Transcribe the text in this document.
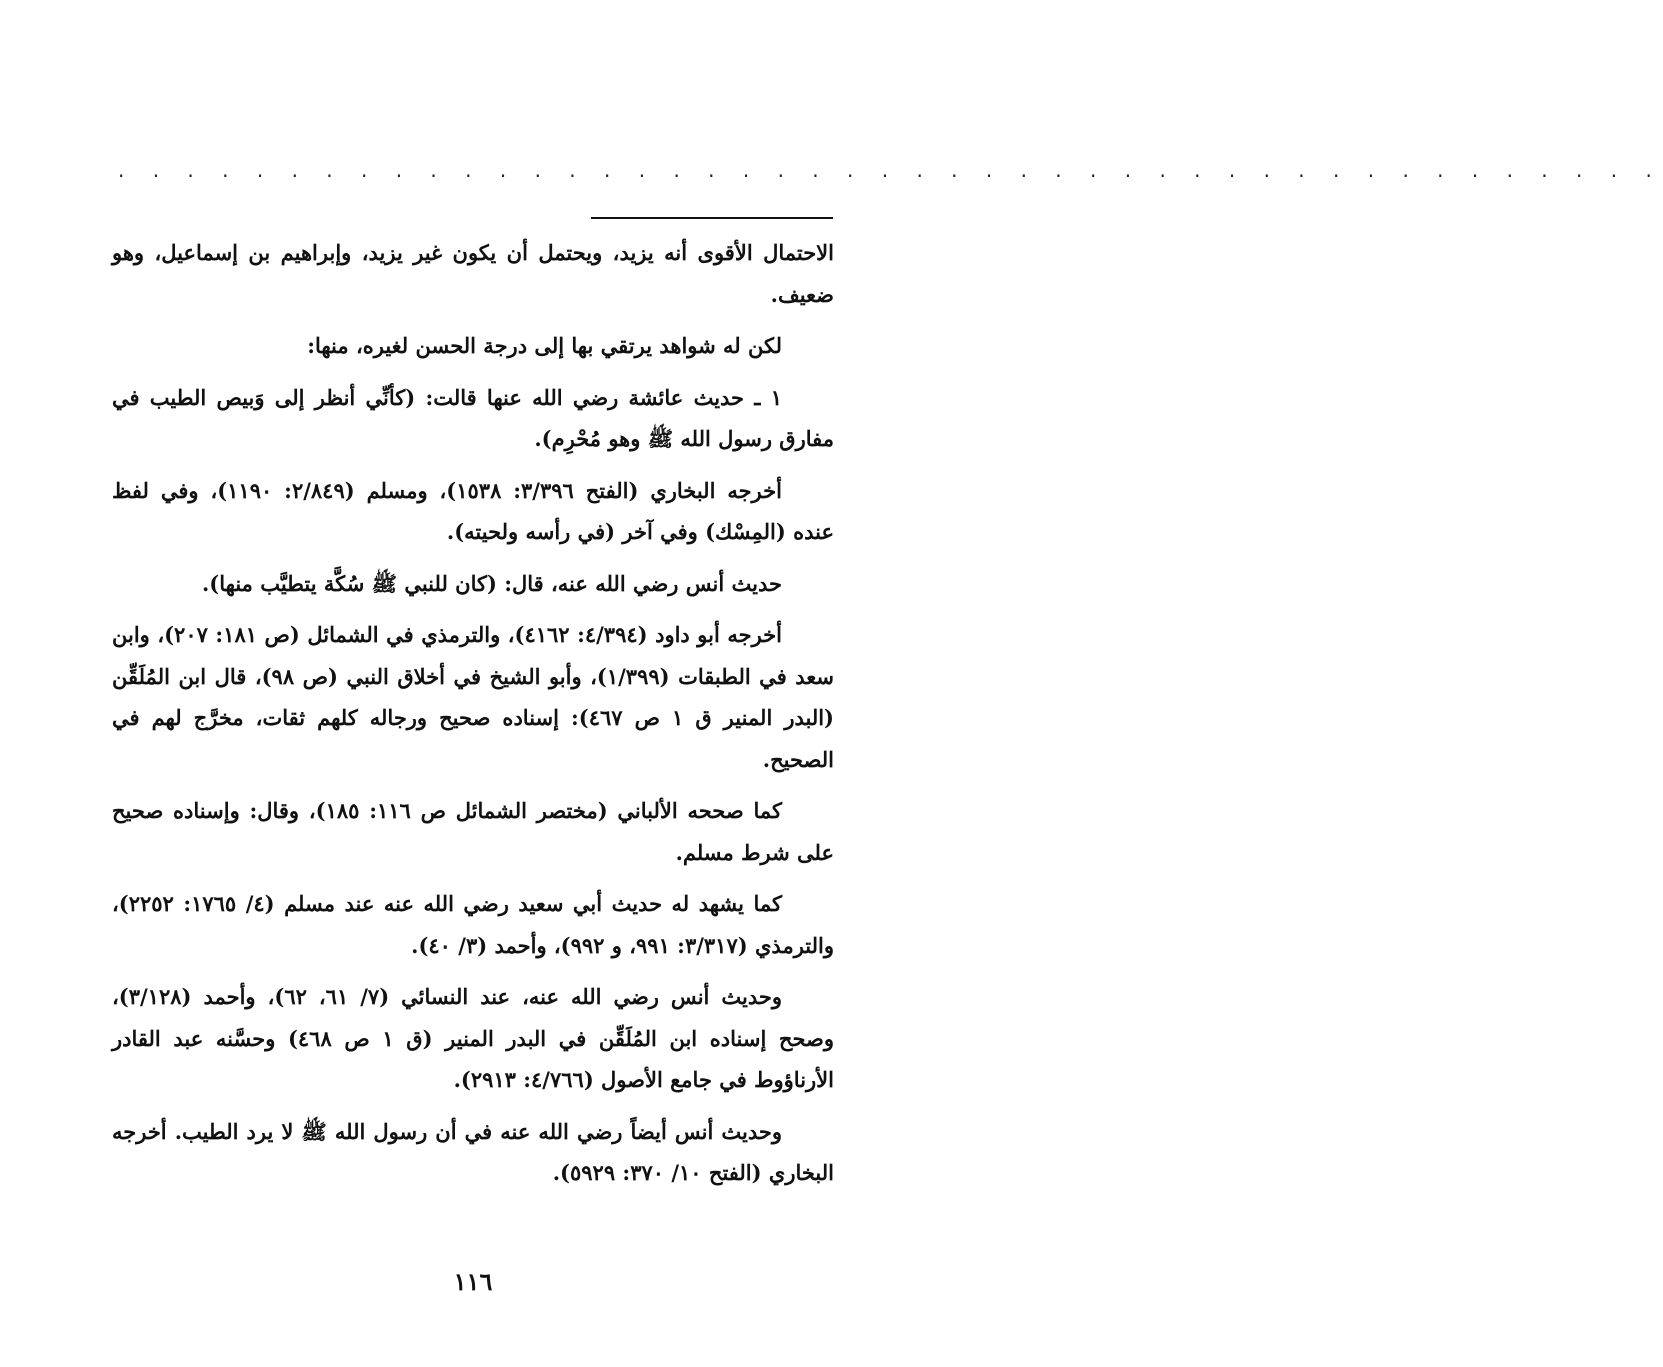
. . . . . . . . . . . . . . . . . . . . . . . . . . . . . . . . . . . . . . . . . . . . .

الاحتمال الأقوى أنه يزيد، ويحتمل أن يكون غير يزيد، وإبراهيم بن إسماعيل، وهو ضعيف.

لكن له شواهد يرتقي بها إلى درجة الحسن لغيره، منها:

١ ـ حديث عائشة رضي الله عنها قالت: (كأنِّي أنظر إلى وَبيص الطيب في مفارق رسول الله ﷺ وهو مُحْرِم).

أخرجه البخاري (الفتح ٣/٣٩٦: ١٥٣٨)، ومسلم (٢/٨٤٩: ١١٩٠)، وفي لفظ عنده (المِسْك) وفي آخر (في رأسه ولحيته).

حديث أنس رضي الله عنه، قال: (كان للنبي ﷺ سُكَّة يتطيَّب منها).

أخرجه أبو داود (٤/٣٩٤: ٤١٦٢)، والترمذي في الشمائل (ص ١٨١: ٢٠٧)، وابن سعد في الطبقات (١/٣٩٩)، وأبو الشيخ في أخلاق النبي (ص ٩٨)، قال ابن المُلَقِّن (البدر المنير ق ١ ص ٤٦٧): إسناده صحيح ورجاله كلهم ثقات، مخرَّج لهم في الصحيح.

كما صححه الألباني (مختصر الشمائل ص ١١٦: ١٨٥)، وقال: وإسناده صحيح على شرط مسلم.

كما يشهد له حديث أبي سعيد رضي الله عنه عند مسلم (٤/ ١٧٦٥: ٢٢٥٢)، والترمذي (٣/٣١٧: ٩٩١، و ٩٩٢)، وأحمد (٣/ ٤٠).

وحديث أنس رضي الله عنه، عند النسائي (٧/ ٦١، ٦٢)، وأحمد (٣/١٢٨)، وصحح إسناده ابن المُلَقِّن في البدر المنير (ق ١ ص ٤٦٨) وحسَّنه عبد القادر الأرناؤوط في جامع الأصول (٤/٧٦٦: ٢٩١٣).

وحديث أنس أيضاً رضي الله عنه في أن رسول الله ﷺ لا يرد الطيب. أخرجه البخاري (الفتح ١٠/ ٣٧٠: ٥٩٢٩).

١١٦
